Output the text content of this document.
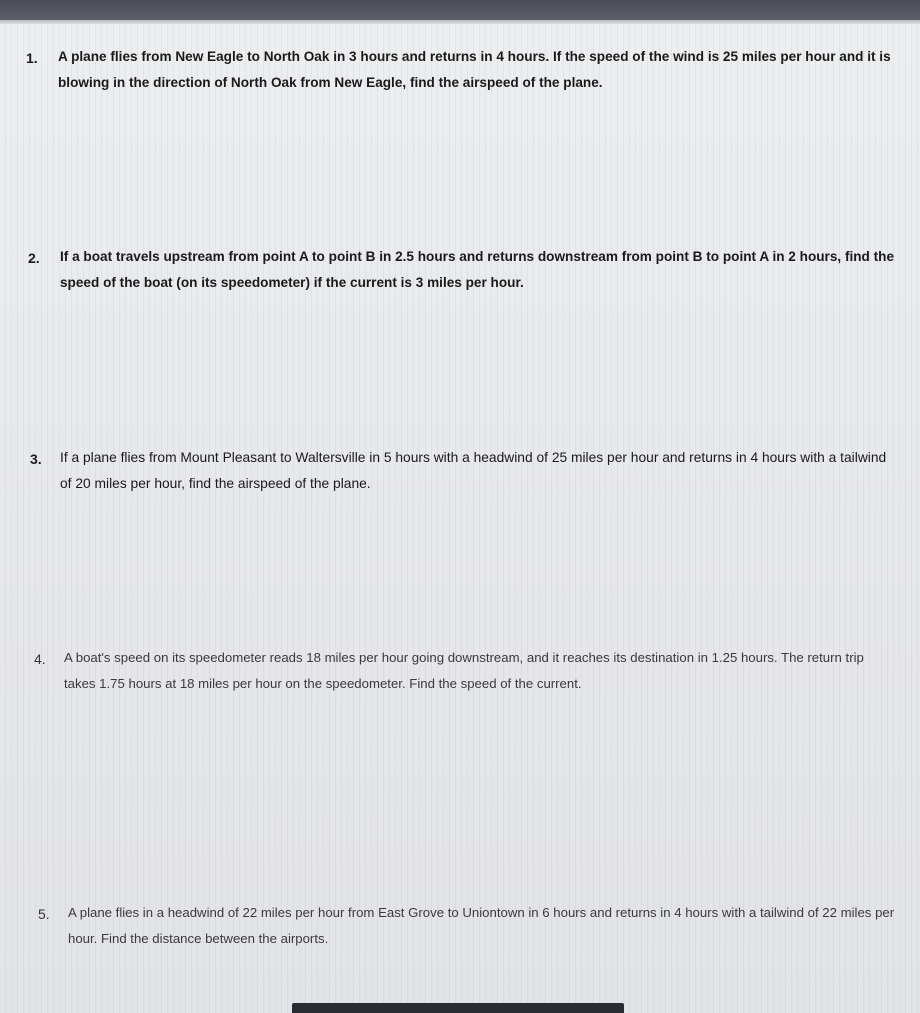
1. A plane flies from New Eagle to North Oak in 3 hours and returns in 4 hours. If the speed of the wind is 25 miles per hour and it is blowing in the direction of North Oak from New Eagle, find the airspeed of the plane.
2. If a boat travels upstream from point A to point B in 2.5 hours and returns downstream from point B to point A in 2 hours, find the speed of the boat (on its speedometer) if the current is 3 miles per hour.
3. If a plane flies from Mount Pleasant to Waltersville in 5 hours with a headwind of 25 miles per hour and returns in 4 hours with a tailwind of 20 miles per hour, find the airspeed of the plane.
4. A boat's speed on its speedometer reads 18 miles per hour going downstream, and it reaches its destination in 1.25 hours. The return trip takes 1.75 hours at 18 miles per hour on the speedometer. Find the speed of the current.
5. A plane flies in a headwind of 22 miles per hour from East Grove to Uniontown in 6 hours and returns in 4 hours with a tailwind of 22 miles per hour. Find the distance between the airports.
